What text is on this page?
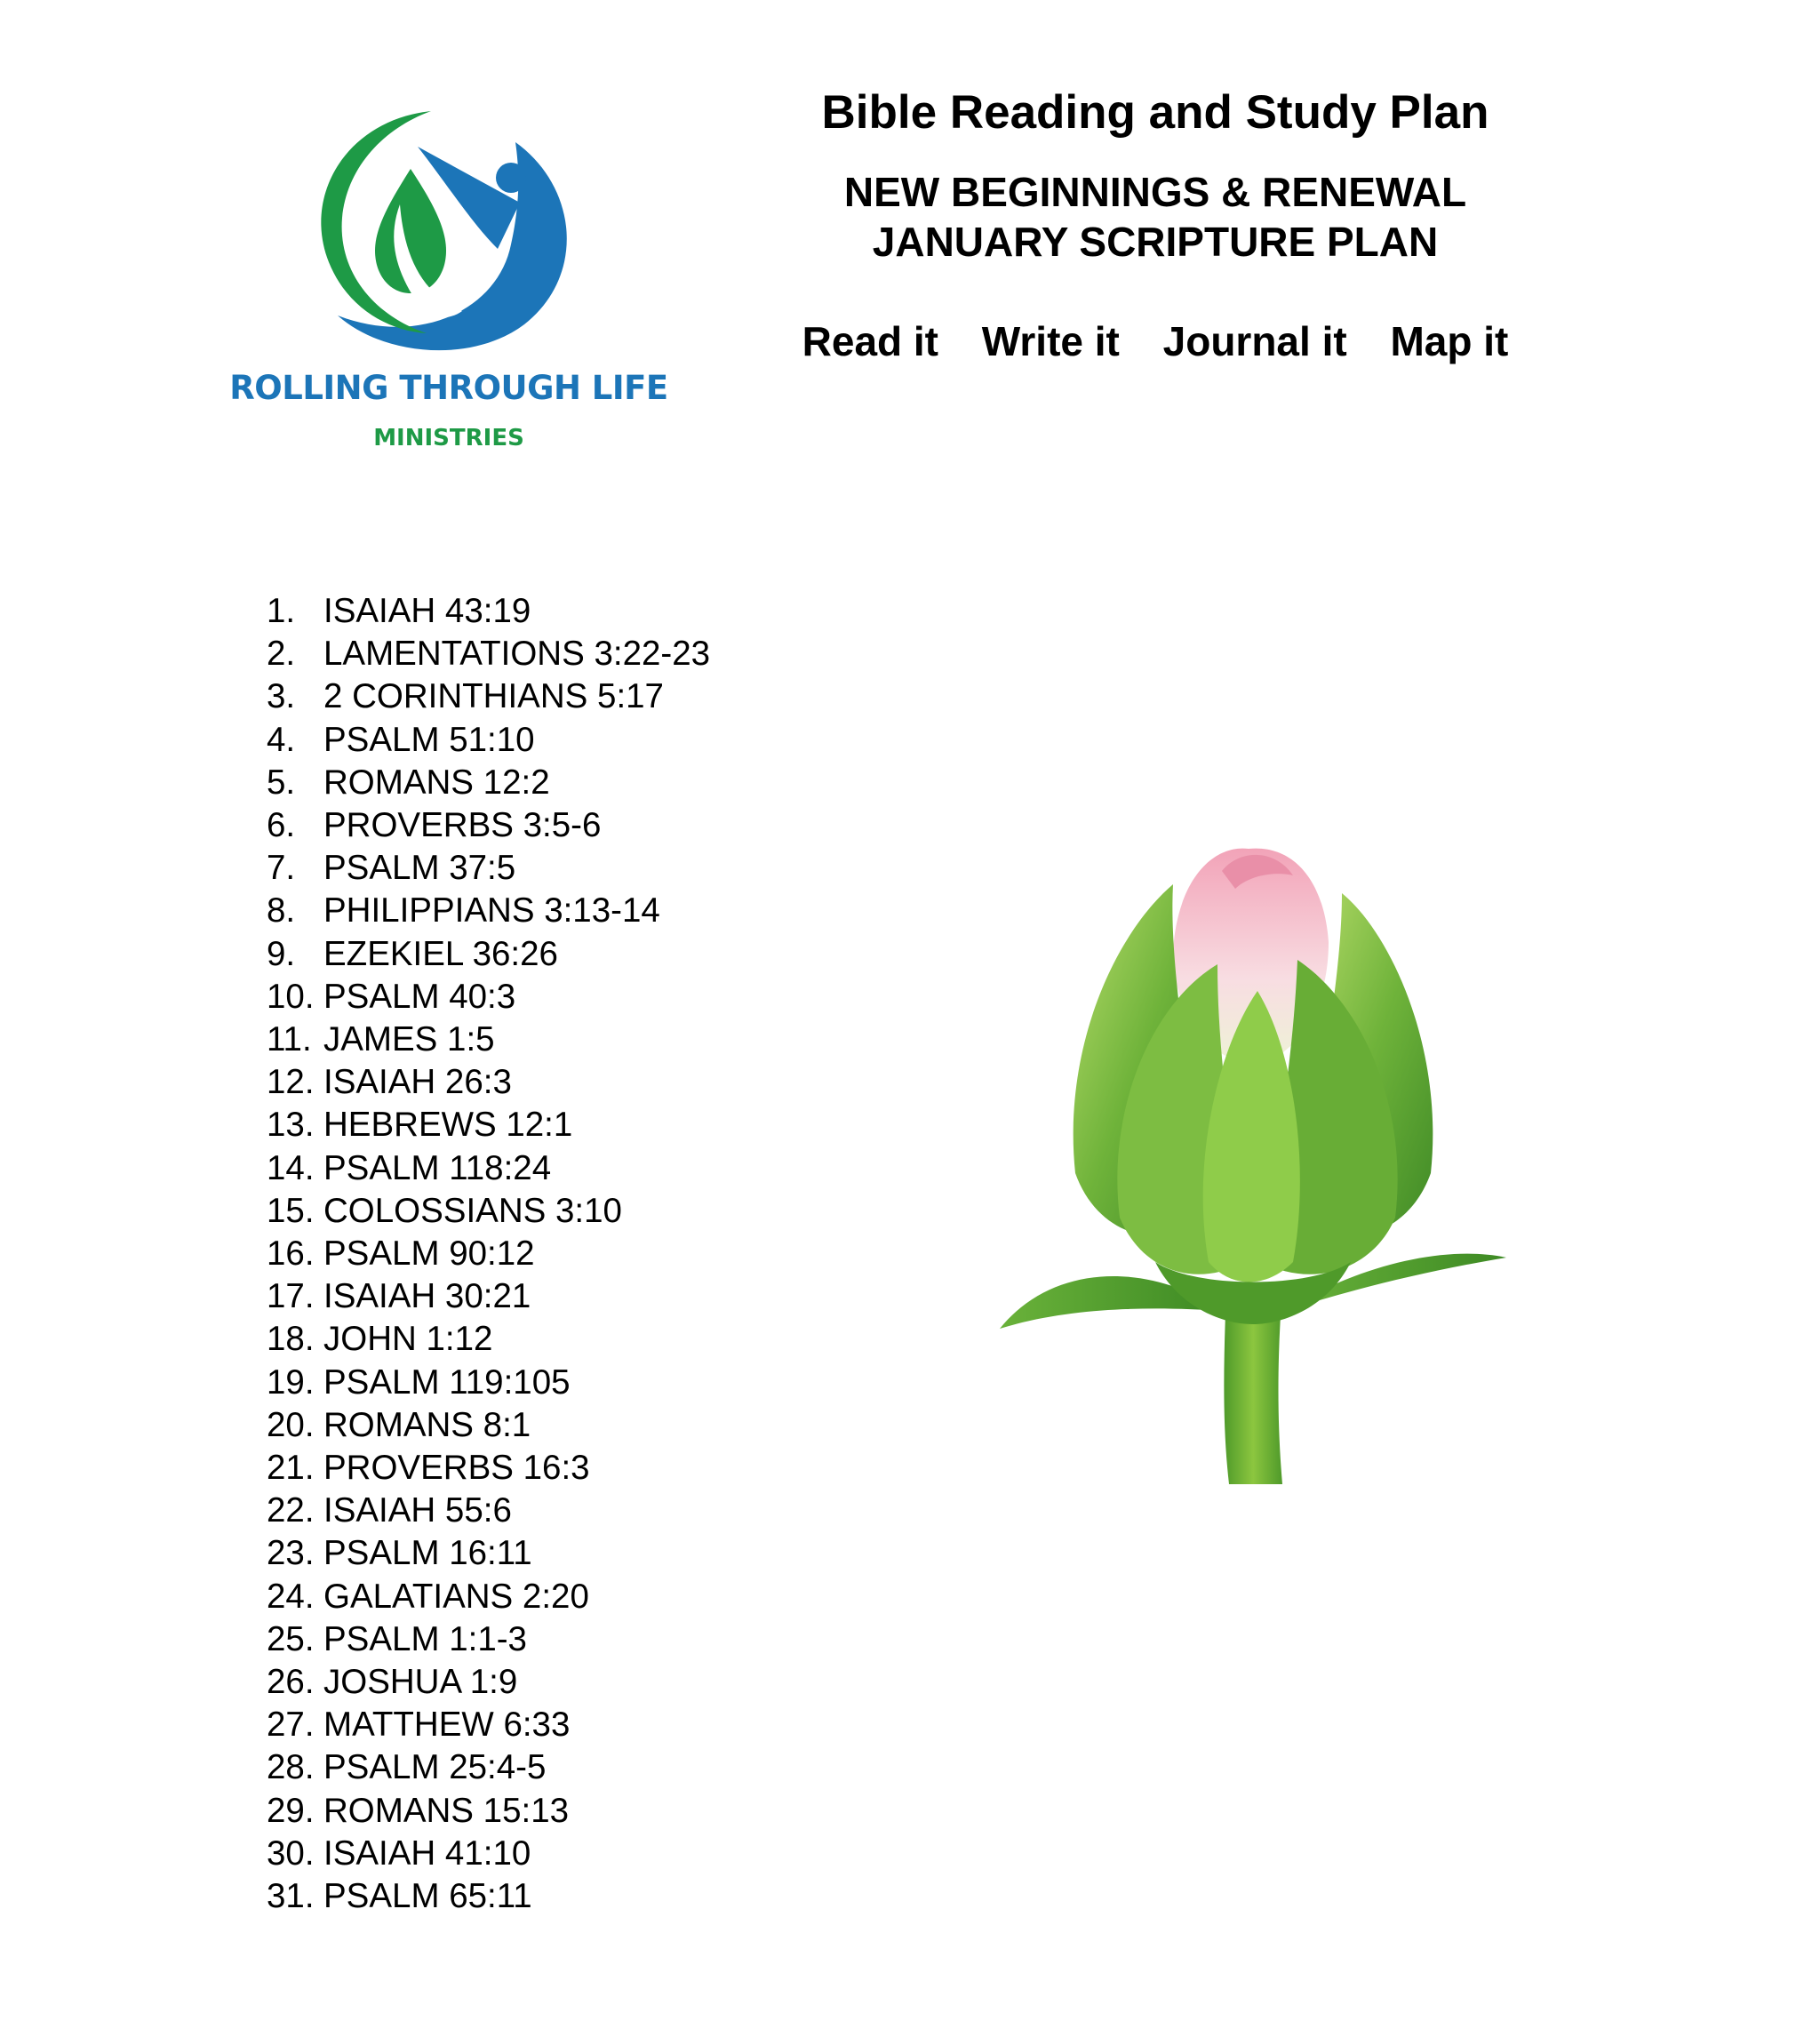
ROLLING THROUGH LIFE
MINISTRIES
Bible Reading and Study Plan
NEW BEGINNINGS & RENEWAL
JANUARY SCRIPTURE PLAN
Read it Write it Journal it Map it
1. ISAIAH 43:19
2. LAMENTATIONS 3:22-23
3. 2 CORINTHIANS 5:17
4. PSALM 51:10
5. ROMANS 12:2
6. PROVERBS 3:5-6
7. PSALM 37:5
8. PHILIPPIANS 3:13-14
9. EZEKIEL 36:26
10. PSALM 40:3
11. JAMES 1:5
12. ISAIAH 26:3
13. HEBREWS 12:1
14. PSALM 118:24
15. COLOSSIANS 3:10
16. PSALM 90:12
17. ISAIAH 30:21
18. JOHN 1:12
19. PSALM 119:105
20. ROMANS 8:1
21. PROVERBS 16:3
22. ISAIAH 55:6
23. PSALM 16:11
24. GALATIANS 2:20
25. PSALM 1:1-3
26. JOSHUA 1:9
27. MATTHEW 6:33
28. PSALM 25:4-5
29. ROMANS 15:13
30. ISAIAH 41:10
31. PSALM 65:11
